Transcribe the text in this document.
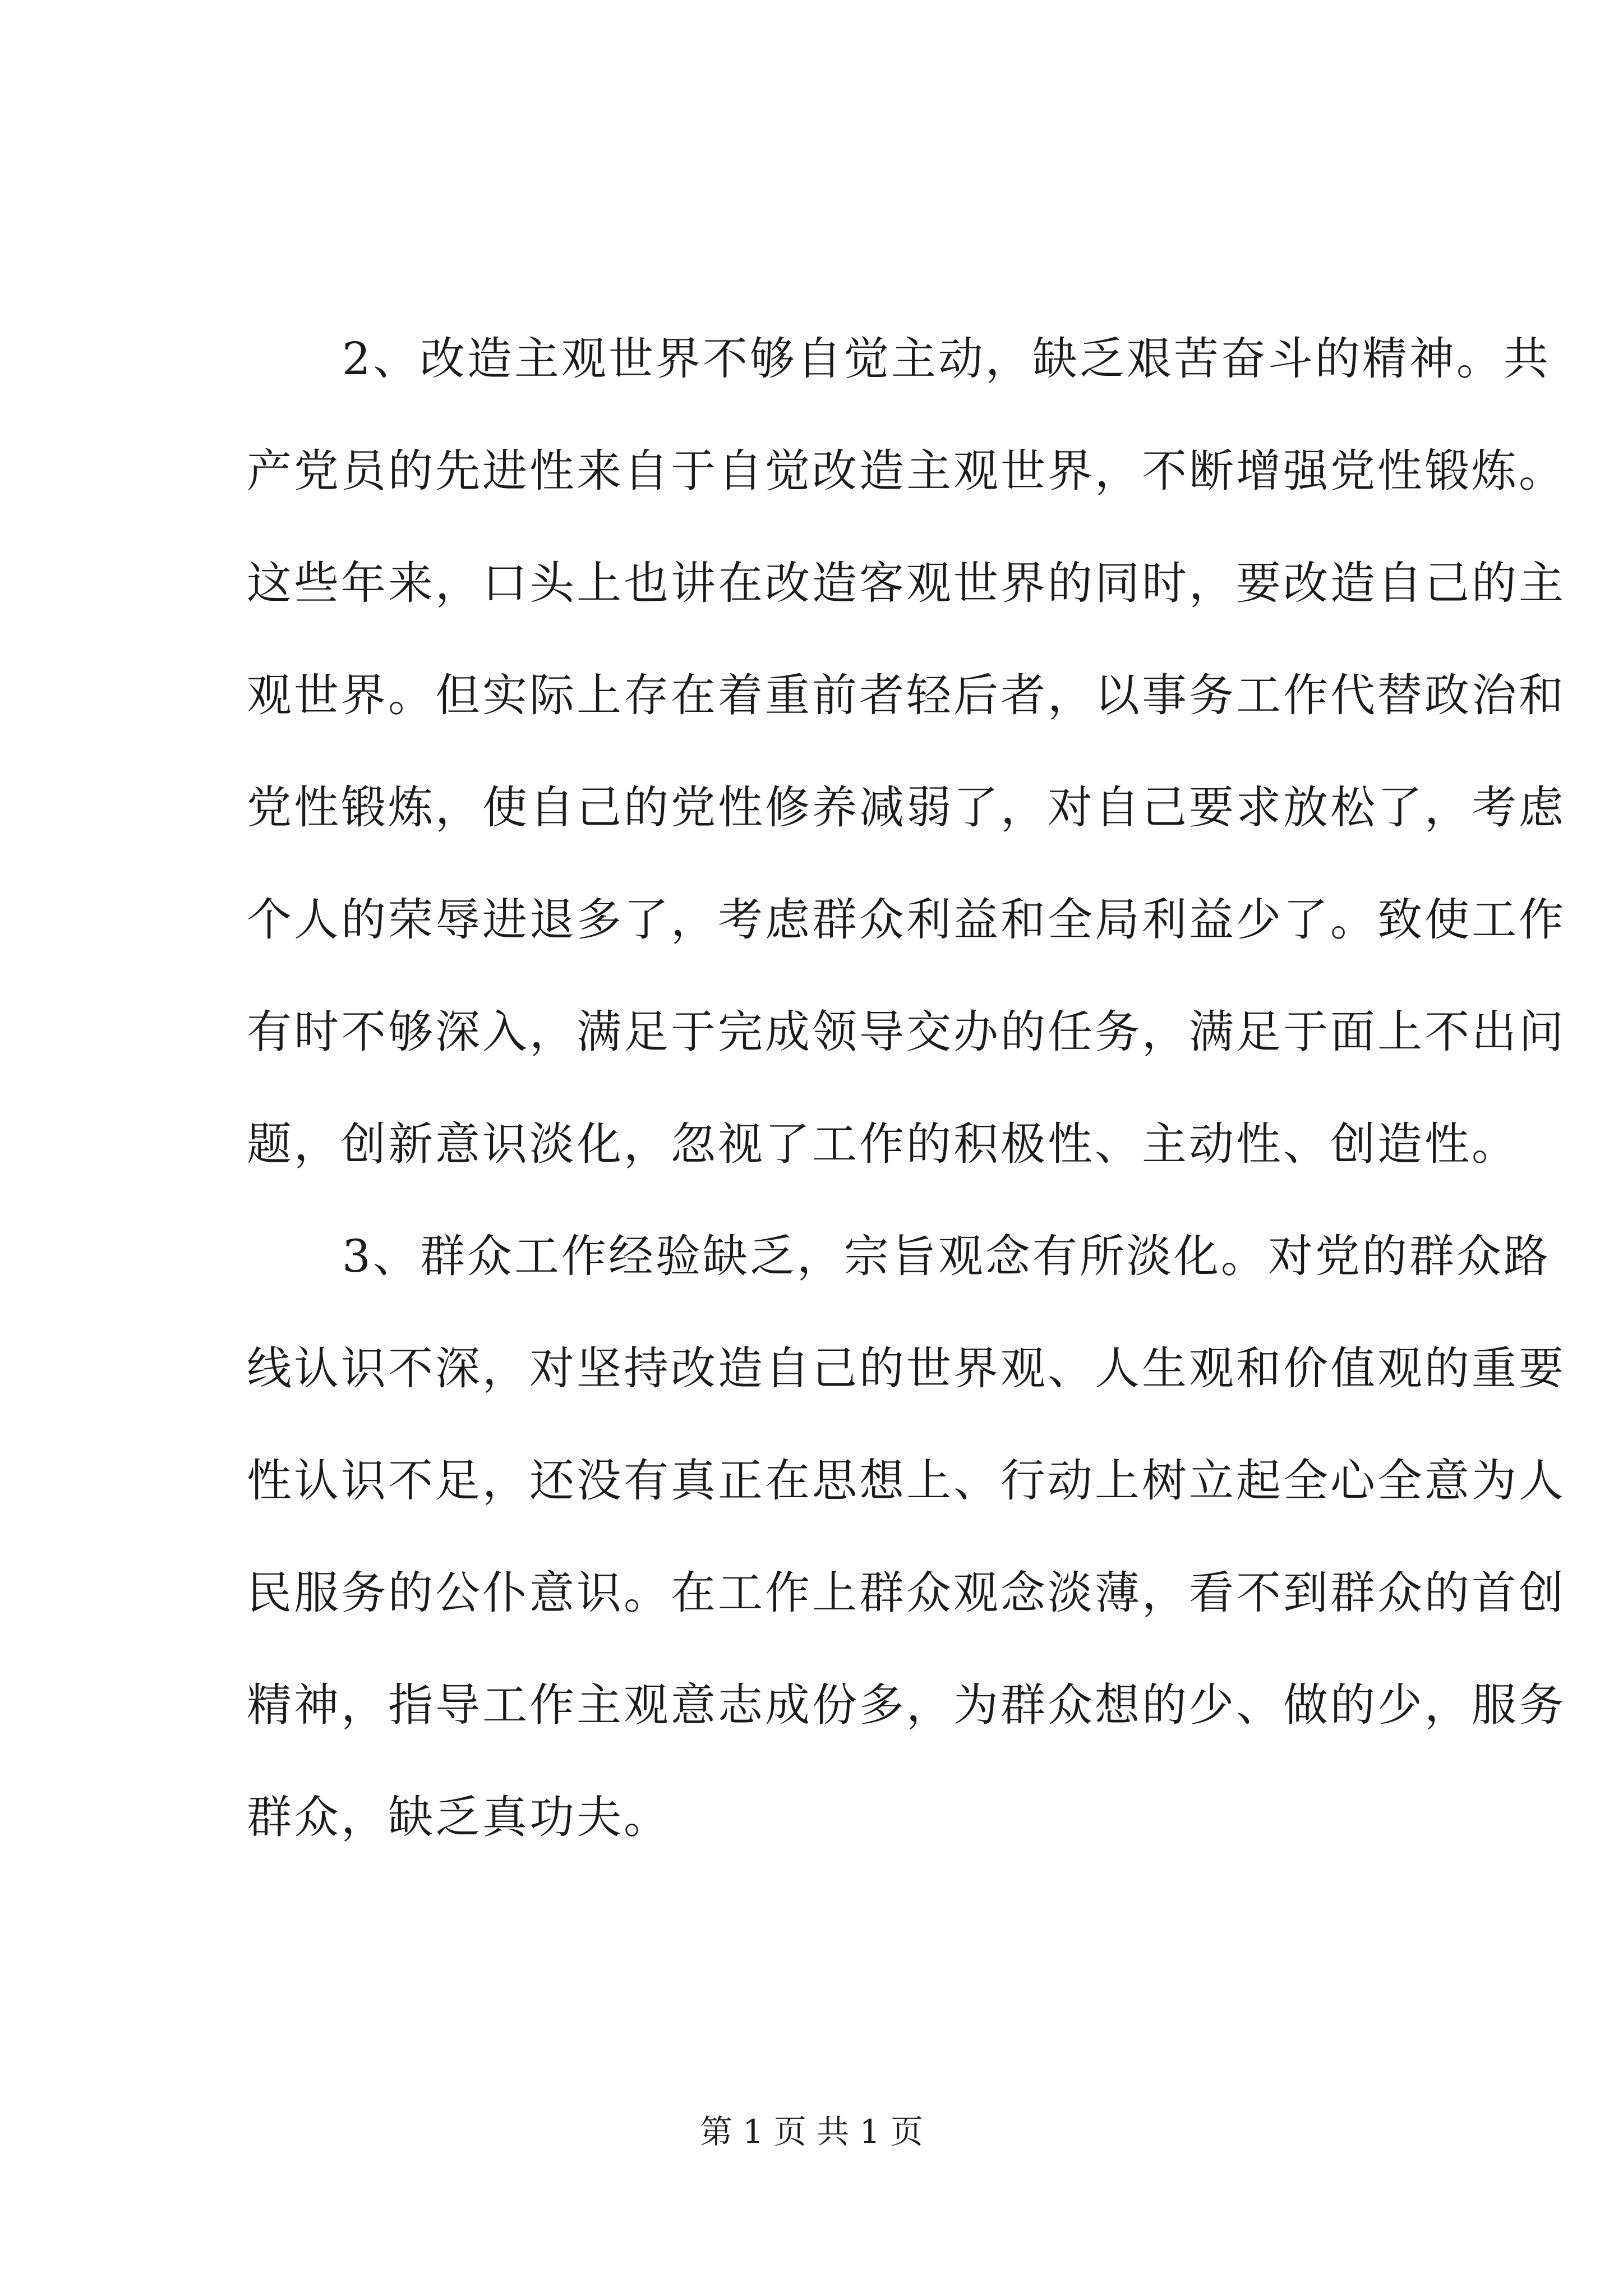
2、改造主观世界不够自觉主动，缺乏艰苦奋斗的精神。共
产党员的先进性来自于自觉改造主观世界，不断增强党性锻炼。
这些年来，口头上也讲在改造客观世界的同时，要改造自己的主
观世界。但实际上存在着重前者轻后者，以事务工作代替政治和
党性锻炼，使自己的党性修养减弱了，对自己要求放松了，考虑
个人的荣辱进退多了，考虑群众利益和全局利益少了。致使工作
有时不够深入，满足于完成领导交办的任务，满足于面上不出问
题，创新意识淡化，忽视了工作的积极性、主动性、创造性。
3、群众工作经验缺乏，宗旨观念有所淡化。对党的群众路
线认识不深，对坚持改造自己的世界观、人生观和价值观的重要
性认识不足，还没有真正在思想上、行动上树立起全心全意为人
民服务的公仆意识。在工作上群众观念淡薄，看不到群众的首创
精神，指导工作主观意志成份多，为群众想的少、做的少，服务
群众，缺乏真功夫。
第 1 页 共 1 页
